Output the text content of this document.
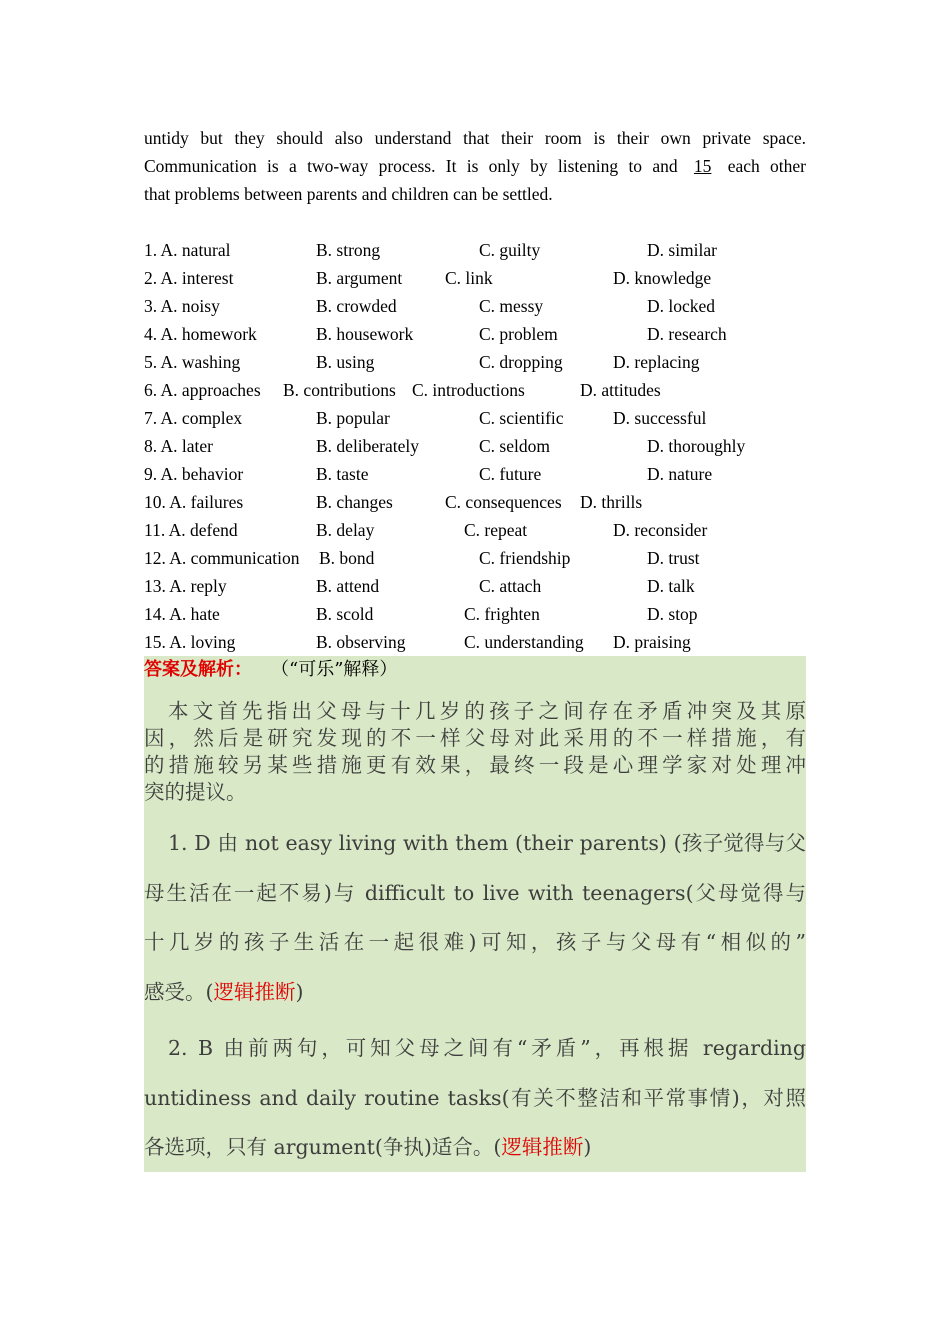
untidy but they should also understand that their room is their own private space.
Communication is a two-way process. It is only by listening to and 15 each other
that problems between parents and children can be settled.
1. A. natural	B. strong	C. guilty	D. similar
2. A. interest	B. argument C. link	D. knowledge
3. A. noisy	B. crowded	C. messy	D. locked
4. A. homework	B. housework	C. problem	D. research
5. A. washing	B. using	C. dropping	D. replacing
6. A. approaches B. contributions C. introductions	D. attitudes
7. A. complex	B. popular	C. scientific	D. successful
8. A. later	B. deliberately	C. seldom	D. thoroughly
9. A. behavior	B. taste	C. future	D. nature
10. A. failures	B. changes	C. consequences D. thrills
11. A. defend	B. delay	C. repeat	D. reconsider
12. A. communication B. bond	C. friendship	D. trust
13. A. reply	B. attend	C. attach	D. talk
14. A. hate	B. scold	C. frighten	D. stop
15. A. loving	B. observing	C. understanding D. praising
答案及解析： （“可乐”解释）
本文首先指出父母与十几岁的孩子之间存在矛盾冲突及其原
因，然后是研究发现的不一样父母对此采用的不一样措施，有
的措施较另某些措施更有效果，最终一段是心理学家对处理冲
突的提议。
1. D 由 not easy living with them (their parents) (孩子觉得与父
母生活在一起不易)与 difficult to live with teenagers(父母觉得与
十几岁的孩子生活在一起很难)可知，孩子与父母有“相似的”
感受。(逻辑推断)
2. B 由前两句，可知父母之间有“矛盾”，再根据 regarding
untidiness and daily routine tasks(有关不整洁和平常事情)，对照
各选项，只有 argument(争执)适合。(逻辑推断)
